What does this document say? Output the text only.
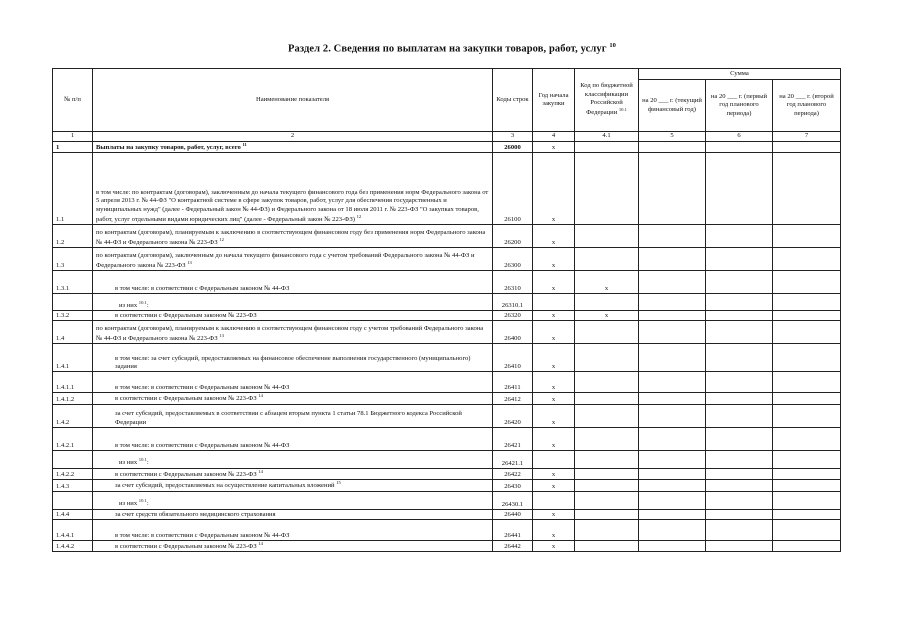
Раздел 2. Сведения по выплатам на закупки товаров, работ, услуг $^{10}$
№ п/п	Наименование показателя	Коды строк	Год начала закупки	Код по бюджетной классификации Российской Федерации $^{10.1}$	Сумма		
					на 20 ___ г. (текущий финансовый год)	на 20 ___ г. (первый год планового периода)	на 20 ___ г. (второй год планового периода)
1	2	3	4	4.1	5	6	7
1	Выплаты на закупку товаров, работ, услуг, всего $^{11}$	26000	x				
1.1	в том числе: по контрактам (договорам), заключенным до начала текущего финансового года без применения норм Федерального закона от 5 апреля 2013 г. № 44-ФЗ "О контрактной системе в сфере закупок товаров, работ, услуг для обеспечения государственных и муниципальных нужд" (далее - Федеральный закон № 44-ФЗ) и Федерального закона от 18 июля 2011 г. № 223-ФЗ "О закупках товаров, работ, услуг отдельными видами юридических лиц" (далее - Федеральный закон № 223-ФЗ) $^{12}$	26100	x				
1.2	по контрактам (договорам), планируемым к заключению в соответствующем финансовом году без применения норм Федерального закона № 44-ФЗ и Федерального закона № 223-ФЗ $^{12}$	26200	x				
1.3	по контрактам (договорам), заключенным до начала текущего финансового года с учетом требований Федерального закона № 44-ФЗ и Федерального закона № 223-ФЗ $^{13}$	26300	x				
1.3.1	в том числе: в соответствии с Федеральным законом № 44-ФЗ	26310	x	x			
	из них $^{10.1}$:	26310.1					
1.3.2	в соответствии с Федеральным законом № 223-ФЗ	26320	x	x			
1.4	по контрактам (договорам), планируемым к заключению в соответствующем финансовом году с учетом требований Федерального закона № 44-ФЗ и Федерального закона № 223-ФЗ $^{13}$	26400	x				
1.4.1	в том числе: за счет субсидий, предоставляемых на финансовое обеспечение выполнения государственного (муниципального) задания	26410	x				
1.4.1.1	в том числе: в соответствии с Федеральным законом № 44-ФЗ	26411	x				
1.4.1.2	в соответствии с Федеральным законом № 223-ФЗ $^{14}$	26412	x				
1.4.2	за счет субсидий, предоставляемых в соответствии с абзацем вторым пункта 1 статьи 78.1 Бюджетного кодекса Российской Федерации	26420	x				
1.4.2.1	в том числе: в соответствии с Федеральным законом № 44-ФЗ	26421	x				
	из них $^{10.1}$:	26421.1					
1.4.2.2	в соответствии с Федеральным законом № 223-ФЗ $^{14}$	26422	x				
1.4.3	за счет субсидий, предоставляемых на осуществление капитальных вложений $^{15}$	26430	x				
	из них $^{10.1}$:	26430.1					
1.4.4	за счет средств обязательного медицинского страхования	26440	x				
1.4.4.1	в том числе: в соответствии с Федеральным законом № 44-ФЗ	26441	x				
1.4.4.2	в соответствии с Федеральным законом № 223-ФЗ $^{14}$	26442	x				
